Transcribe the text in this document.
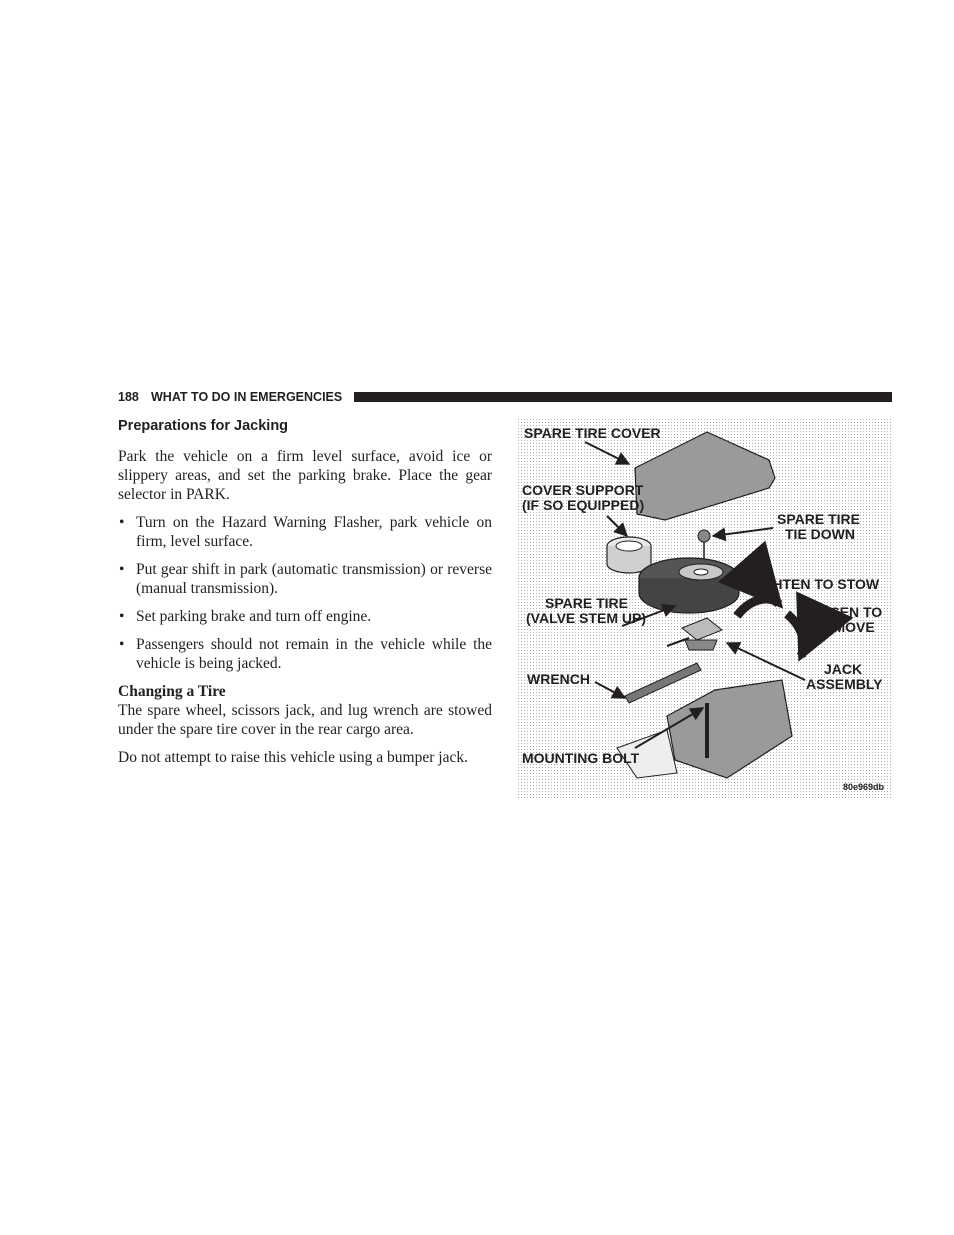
188 WHAT TO DO IN EMERGENCIES
Preparations for Jacking

Park the vehicle on a firm level surface, avoid ice or slippery areas, and set the parking brake. Place the gear selector in PARK.

• Turn on the Hazard Warning Flasher, park vehicle on firm, level surface.
• Put gear shift in park (automatic transmission) or reverse (manual transmission).
• Set parking brake and turn off engine.
• Passengers should not remain in the vehicle while the vehicle is being jacked.
Changing a Tire

The spare wheel, scissors jack, and lug wrench are stowed under the spare tire cover in the rear cargo area.

Do not attempt to raise this vehicle using a bumper jack.

SPARE TIRE COVER
COVER SUPPORT
(IF SO EQUIPPED)
SPARE TIRE
TIE DOWN
TIGHTEN TO STOW
SPARE TIRE
(VALVE STEM UP)	LOOSEN TO
REMOVE
JACK
ASSEMBLY
WRENCH
MOUNTING BOLT
80e969db
